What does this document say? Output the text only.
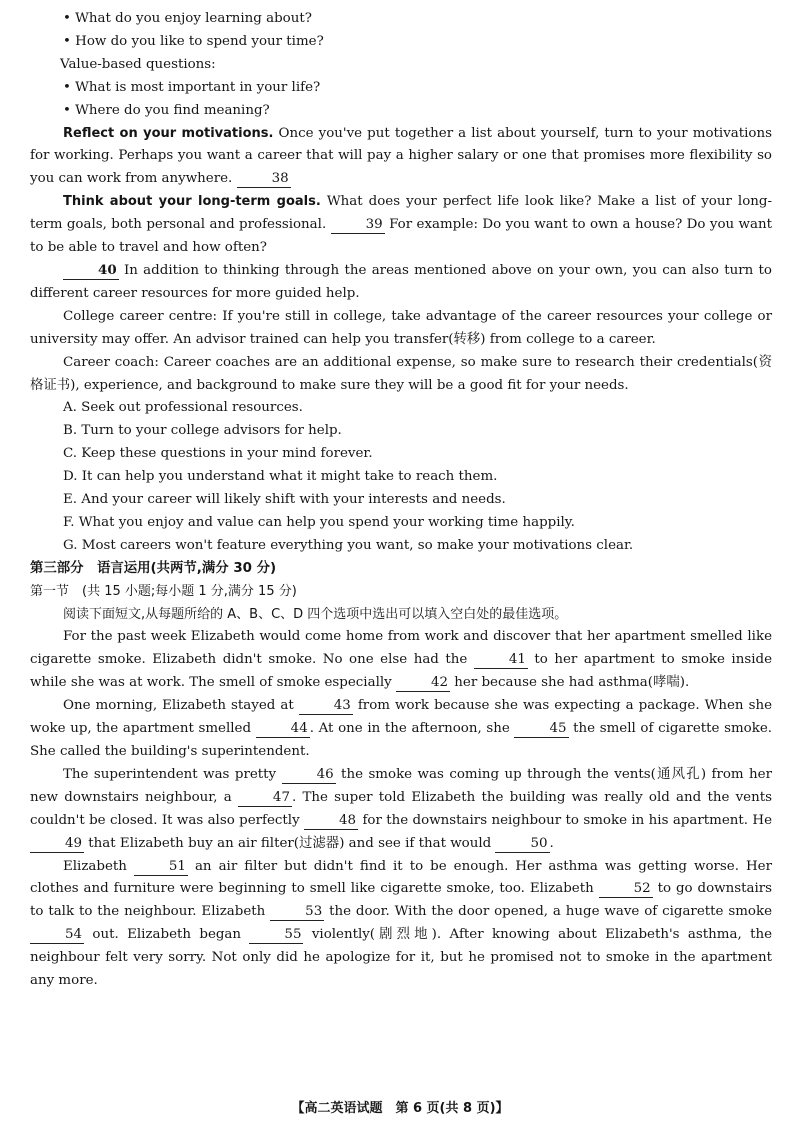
• What do you enjoy learning about?

• How do you like to spend your time?

Value-based questions:

• What is most important in your life?

• Where do you find meaning?

Reflect on your motivations. Once you've put together a list about yourself, turn to your motivations for working. Perhaps you want a career that will pay a higher salary or one that promises more flexibility so you can work from anywhere.	38

Think about your long-term goals. What does your perfect life look like? Make a list of your long-term goals, both personal and professional.	39 For example: Do you want to own a house? Do you want to be able to travel and how often?

40 In addition to thinking through the areas mentioned above on your own, you can also turn to different career resources for more guided help.

College career centre: If you're still in college, take advantage of the career resources your college or university may offer. An advisor trained can help you transfer(转移) from college to a career.

Career coach: Career coaches are an additional expense, so make sure to research their credentials(资格证书), experience, and background to make sure they will be a good fit for your needs.

A. Seek out professional resources.

B. Turn to your college advisors for help.

C. Keep these questions in your mind forever.

D. It can help you understand what it might take to reach them.

E. And your career will likely shift with your interests and needs.

F. What you enjoy and value can help you spend your working time happily.

G. Most careers won't feature everything you want, so make your motivations clear.

第三部分　语言运用(共两节,满分 30 分)

第一节　(共 15 小题;每小题 1 分,满分 15 分)

阅读下面短文,从每题所给的 A、B、C、D 四个选项中选出可以填入空白处的最佳选项。

For the past week Elizabeth would come home from work and discover that her apartment smelled like cigarette smoke. Elizabeth didn't smoke. No one else had the	41 to her apartment to smoke inside while she was at work. The smell of smoke especially	42 her because she had asthma(哮喘).

One morning, Elizabeth stayed at	43 from work because she was expecting a package. When she woke up, the apartment smelled	44 . At one in the afternoon, she	45 the smell of cigarette smoke. She called the building's superintendent.

The superintendent was pretty	46 the smoke was coming up through the vents(通风孔) from her new downstairs neighbour, a	47 . The super told Elizabeth the building was really old and the vents couldn't be closed. It was also perfectly	48 for the downstairs neighbour to smoke in his apartment. He 49 that Elizabeth buy an air filter(过滤器) and see if that would	50 .

Elizabeth	51 an air filter but didn't find it to be enough. Her asthma was getting worse. Her clothes and furniture were beginning to smell like cigarette smoke, too. Elizabeth	52 to go downstairs to talk to the neighbour. Elizabeth	53 the door. With the door opened, a huge wave of cigarette smoke 54 out. Elizabeth began	55 violently(剧烈地). After knowing about Elizabeth's asthma, the neighbour felt very sorry. Not only did he apologize for it, but he promised not to smoke in the apartment any more.

【高二英语试题　第 6 页(共 8 页)】
